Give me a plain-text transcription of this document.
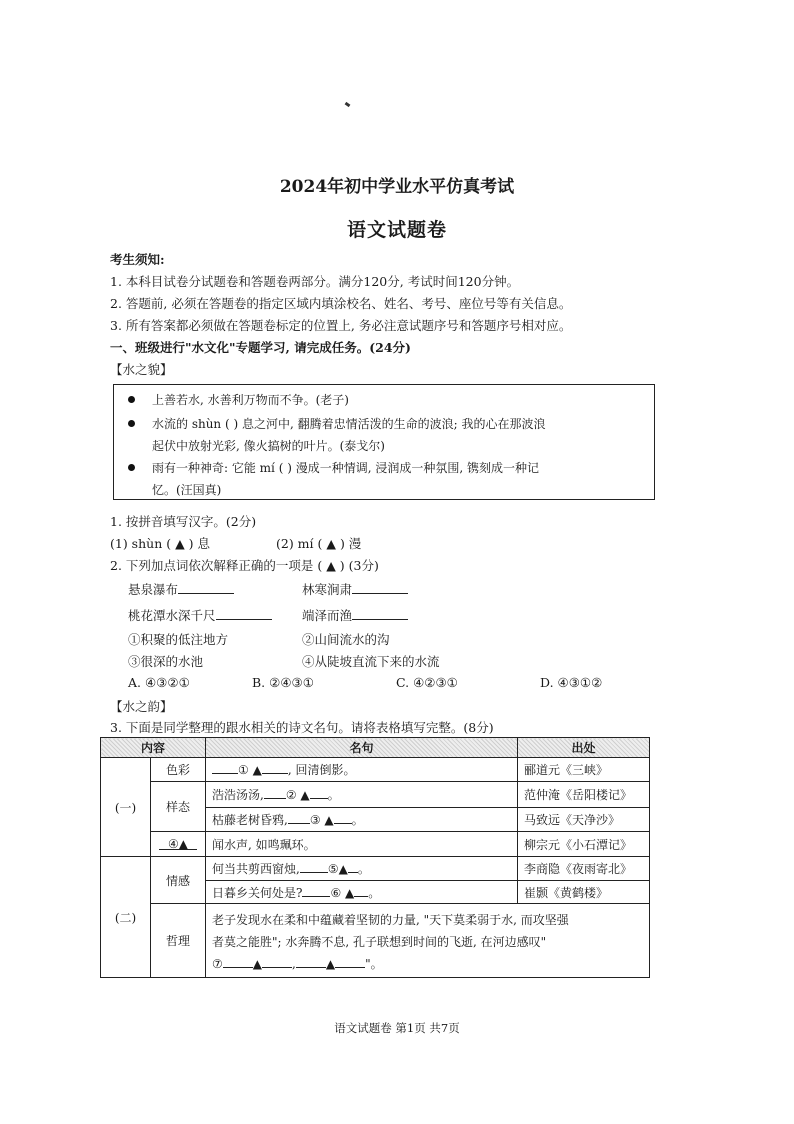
2024年初中学业水平仿真考试
语文试题卷
考生须知:
1. 本科目试卷分试题卷和答题卷两部分。满分120分, 考试时间120分钟。
2. 答题前, 必须在答题卷的指定区域内填涂校名、姓名、考号、座位号等有关信息。
3. 所有答案都必须做在答题卷标定的位置上, 务必注意试题序号和答题序号相对应。
一、班级进行"水文化"专题学习, 请完成任务。(24分)
【水之貌】
上善若水, 水善利万物而不争。(老子)
水流的 shùn ( ) 息之河中, 翻腾着忠情活泼的生命的波浪; 我的心在那波浪
起伏中放射光彩, 像火搞树的叶片。(泰戈尔)
雨有一种神奇: 它能 mí ( ) 漫成一种情调, 浸润成一种氛围, 镌刻成一种记
忆。(汪国真)
1. 按拼音填写汉字。(2分)
(1) shùn ( ▲ ) 息	(2) mí ( ▲ ) 漫
2. 下列加点词依次解释正确的一项是 ( ▲ ) (3分)
悬泉瀑布	林寒涧肃
桃花潭水深千尺	端泽而渔
①积聚的低注地方	②山间流水的沟
③很深的水池	④从陡坡直流下来的水流
A. ④③②①	B. ②④③①	C. ④②③①	D. ④③①②
【水之韵】
3. 下面是同学整理的跟水相关的诗文名句。请将表格填写完整。(8分)
内容		名句	出处
(一)	色彩	① ▲ , 回清倒影。	郦道元《三峡》
	样态	浩浩汤汤, ② ▲ 。	范仲淹《岳阳楼记》
		枯藤老树昏鸦, ③ ▲ 。	马致远《天净沙》
	④▲	闻水声, 如鸣珮环。	柳宗元《小石潭记》
(二)	情感	何当共剪西窗烛, ⑤▲ 。	李商隐《夜雨寄北》
		日暮乡关何处是? ⑥ ▲ 。	崔颢《黄鹤楼》
	哲理	老子发现水在柔和中蕴藏着坚韧的力量, "天下莫柔弱于水, 而攻坚强
者莫之能胜"; 水奔腾不息, 孔子联想到时间的飞逝, 在河边感叹"
⑦ ▲ , ▲ "。	
语文试题卷 第1页 共7页
